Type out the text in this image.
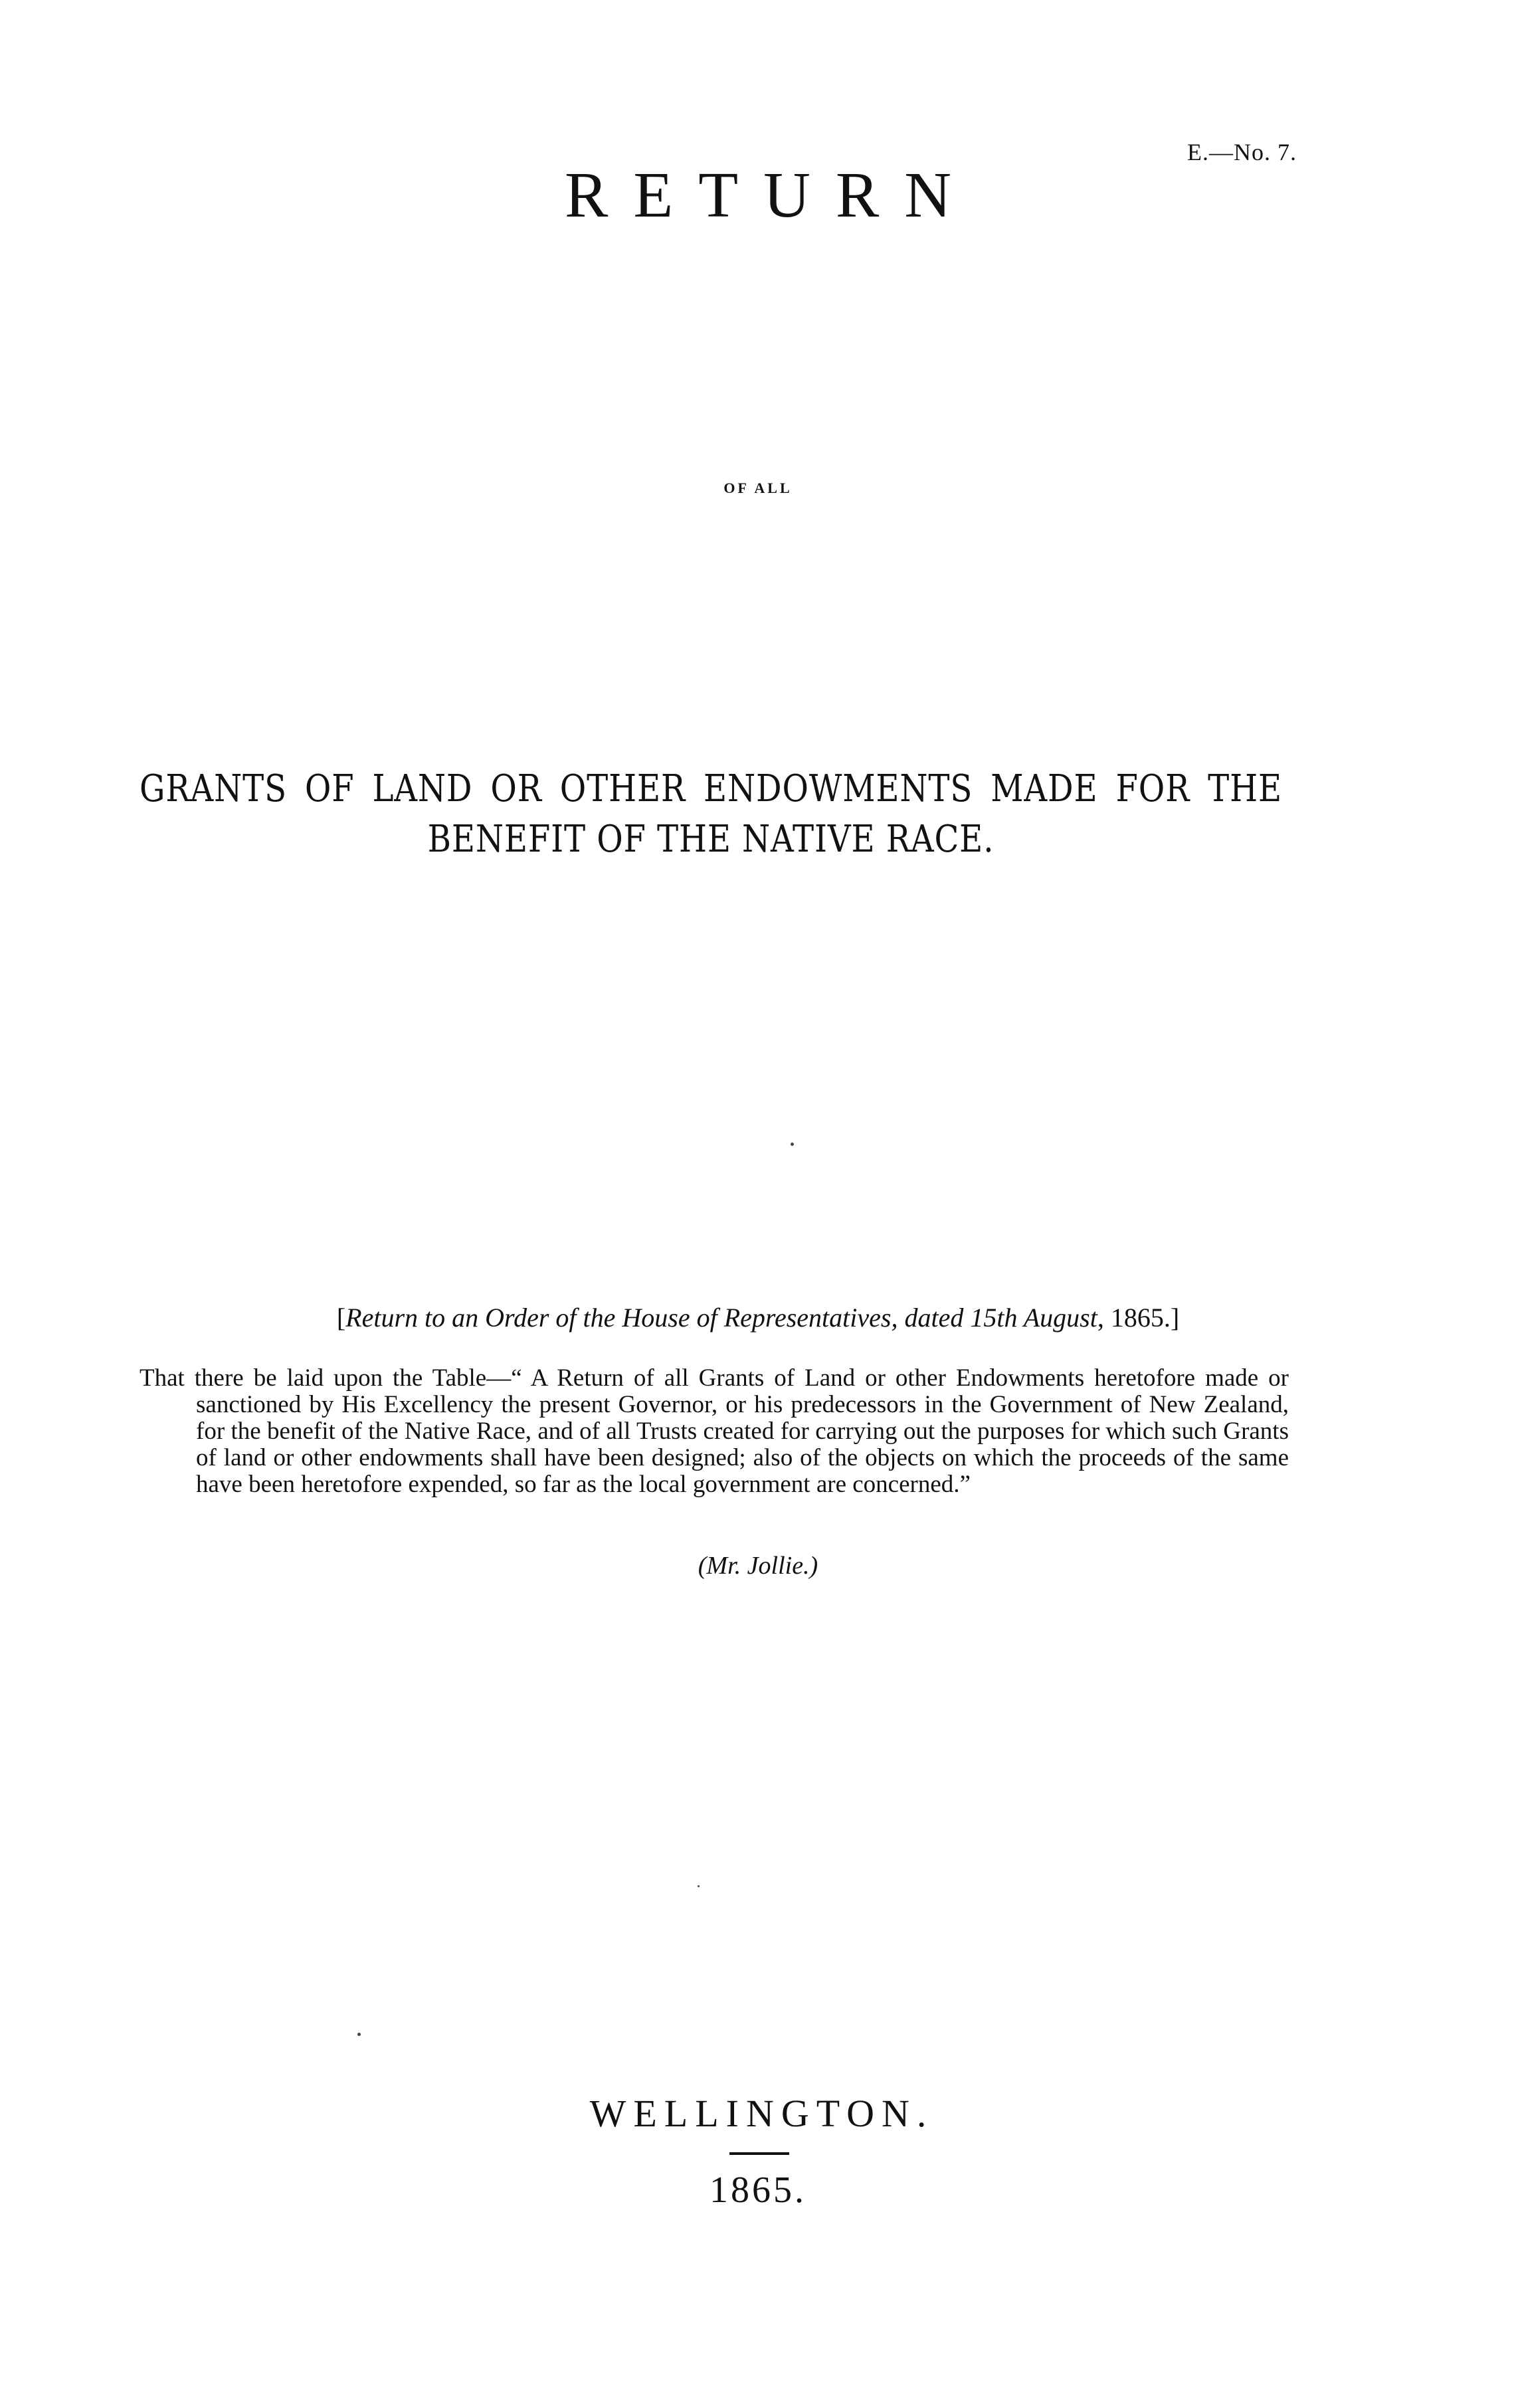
E.—No. 7.
RETURN
OF ALL
GRANTS OF LAND OR OTHER ENDOWMENTS MADE FOR THE
BENEFIT OF THE NATIVE RACE.
[Return to an Order of the House of Representatives, dated 15th August, 1865.]
That there be laid upon the Table—“ A Return of all Grants of Land or other Endowments heretofore made or sanctioned by His Excellency the present Governor, or his predecessors in the Government of New Zealand, for the benefit of the Native Race, and of all Trusts created for carrying out the purposes for which such Grants of land or other endowments shall have been designed; also of the objects on which the proceeds of the same have been heretofore expended, so far as the local government are concerned.”
(Mr. Jollie.)
WELLINGTON.
1865.
